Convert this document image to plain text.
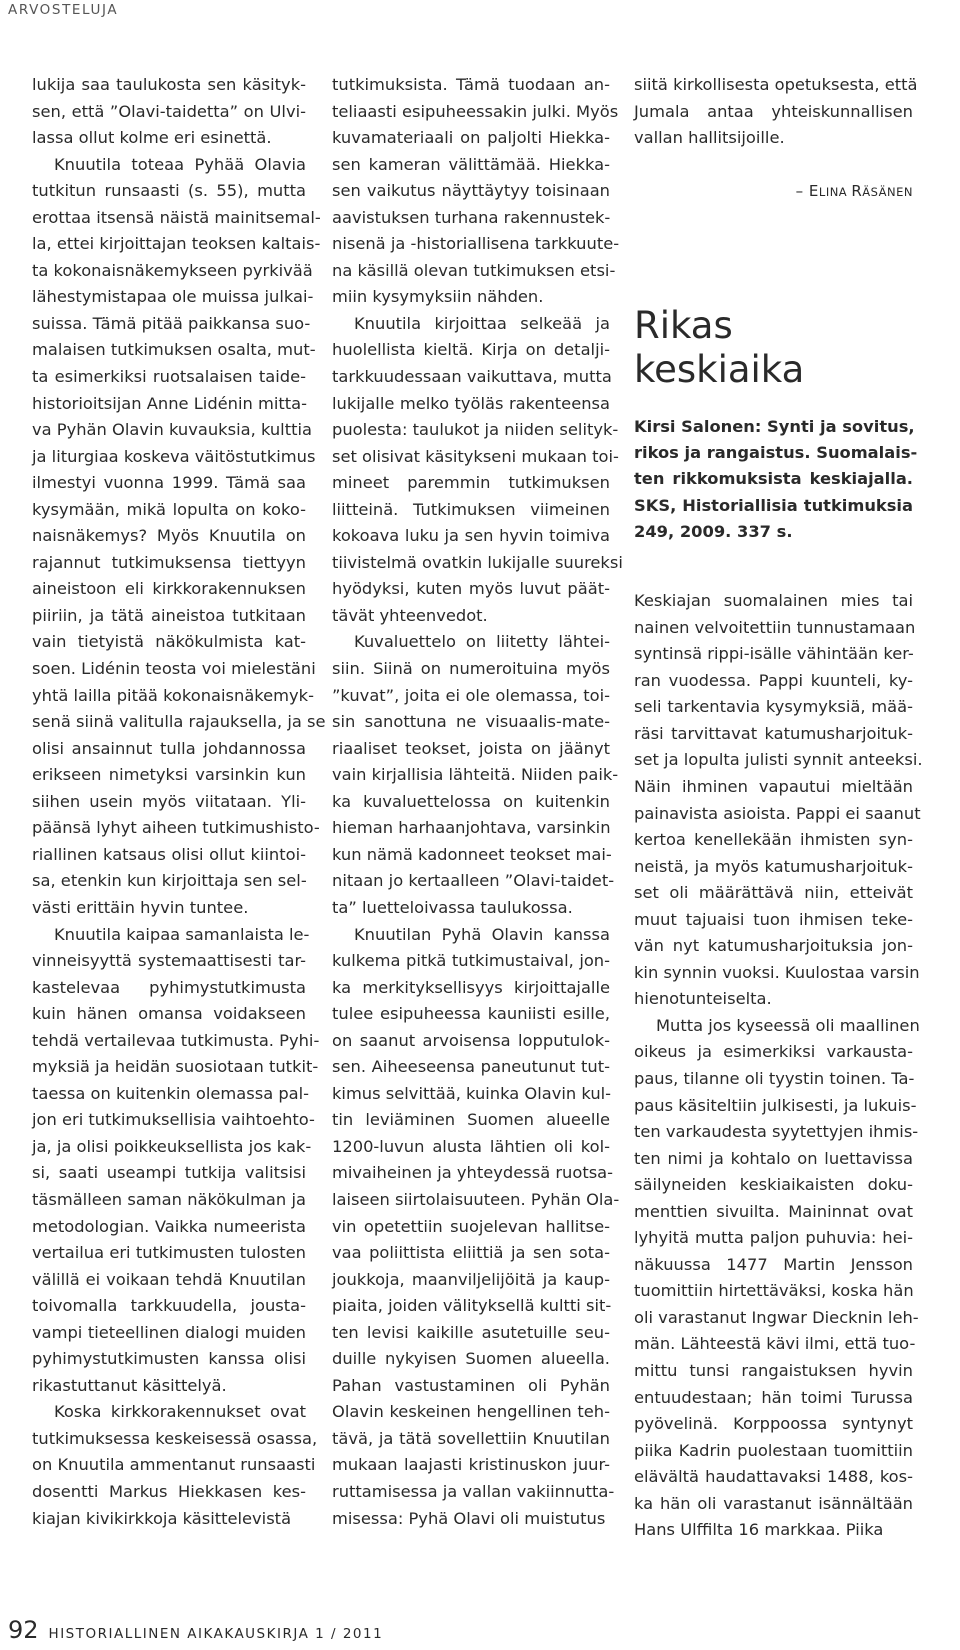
ARVOSTELUJA
lukija saa taulukosta sen käsityk-
sen, että ”Olavi-taidetta” on Ulvi-
lassa ollut kolme eri esinettä.
Knuutila toteaa Pyhää Olavia
tutkitun runsaasti (s. 55), mutta
erottaa itsensä näistä mainitsemal-
la, ettei kirjoittajan teoksen kaltais-
ta kokonaisnäkemykseen pyrkivää
lähestymistapaa ole muissa julkai-
suissa. Tämä pitää paikkansa suo-
malaisen tutkimuksen osalta, mut-
ta esimerkiksi ruotsalaisen taide-
historioitsijan Anne Lidénin mitta-
va Pyhän Olavin kuvauksia, kulttia
ja liturgiaa koskeva väitöstutkimus
ilmestyi vuonna 1999. Tämä saa
kysymään, mikä lopulta on koko-
naisnäkemys? Myös Knuutila on
rajannut tutkimuksensa tiettyyn
aineistoon eli kirkkorakennuksen
piiriin, ja tätä aineistoa tutkitaan
vain tietyistä näkökulmista kat-
soen. Lidénin teosta voi mielestäni
yhtä lailla pitää kokonaisnäkemyk-
senä siinä valitulla rajauksella, ja se
olisi ansainnut tulla johdannossa
erikseen nimetyksi varsinkin kun
siihen usein myös viitataan. Yli-
päänsä lyhyt aiheen tutkimushisto-
riallinen katsaus olisi ollut kiintoi-
sa, etenkin kun kirjoittaja sen sel-
västi erittäin hyvin tuntee.
Knuutila kaipaa samanlaista le-
vinneisyyttä systemaattisesti tar-
kastelevaa pyhimystutkimusta
kuin hänen omansa voidakseen
tehdä vertailevaa tutkimusta. Pyhi-
myksiä ja heidän suosiotaan tutkit-
taessa on kuitenkin olemassa pal-
jon eri tutkimuksellisia vaihtoehto-
ja, ja olisi poikkeuksellista jos kak-
si, saati useampi tutkija valitsisi
täsmälleen saman näkökulman ja
metodologian. Vaikka numeerista
vertailua eri tutkimusten tulosten
välillä ei voikaan tehdä Knuutilan
toivomalla tarkkuudella, jousta-
vampi tieteellinen dialogi muiden
pyhimystutkimusten kanssa olisi
rikastuttanut käsittelyä.
Koska kirkkorakennukset ovat
tutkimuksessa keskeisessä osassa,
on Knuutila ammentanut runsaasti
dosentti Markus Hiekkasen kes-
kiajan kivikirkkoja käsittelevistä
tutkimuksista. Tämä tuodaan an-
teliaasti esipuheessakin julki. Myös
kuvamateriaali on paljolti Hiekka-
sen kameran välittämää. Hiekka-
sen vaikutus näyttäytyy toisinaan
aavistuksen turhana rakennustek-
nisenä ja -historiallisena tarkkuute-
na käsillä olevan tutkimuksen etsi-
miin kysymyksiin nähden.
Knuutila kirjoittaa selkeää ja
huolellista kieltä. Kirja on detalji-
tarkkuudessaan vaikuttava, mutta
lukijalle melko työläs rakenteensa
puolesta: taulukot ja niiden selityk-
set olisivat käsitykseni mukaan toi-
mineet paremmin tutkimuksen
liitteinä. Tutkimuksen viimeinen
kokoava luku ja sen hyvin toimiva
tiivistelmä ovatkin lukijalle suureksi
hyödyksi, kuten myös luvut päät-
tävät yhteenvedot.
Kuvaluettelo on liitetty lähtei-
siin. Siinä on numeroituina myös
”kuvat”, joita ei ole olemassa, toi-
sin sanottuna ne visuaalis-mate-
riaaliset teokset, joista on jäänyt
vain kirjallisia lähteitä. Niiden paik-
ka kuvaluettelossa on kuitenkin
hieman harhaanjohtava, varsinkin
kun nämä kadonneet teokset mai-
nitaan jo kertaalleen ”Olavi-taidet-
ta” luetteloivassa taulukossa.
Knuutilan Pyhä Olavin kanssa
kulkema pitkä tutkimustaival, jon-
ka merkityksellisyys kirjoittajalle
tulee esipuheessa kauniisti esille,
on saanut arvoisensa lopputulok-
sen. Aiheeseensa paneutunut tut-
kimus selvittää, kuinka Olavin kul-
tin leviäminen Suomen alueelle
1200-luvun alusta lähtien oli kol-
mivaiheinen ja yhteydessä ruotsa-
laiseen siirtolaisuuteen. Pyhän Ola-
vin opetettiin suojelevan hallitse-
vaa poliittista eliittiä ja sen sota-
joukkoja, maanviljelijöitä ja kaup-
piaita, joiden välityksellä kultti sit-
ten levisi kaikille asutetuille seu-
duille nykyisen Suomen alueella.
Pahan vastustaminen oli Pyhän
Olavin keskeinen hengellinen teh-
tävä, ja tätä sovellettiin Knuutilan
mukaan laajasti kristinuskon juur-
ruttamisessa ja vallan vakiinnutta-
misessa: Pyhä Olavi oli muistutus
siitä kirkollisesta opetuksesta, että
Jumala antaa yhteiskunnallisen
vallan hallitsijoille.
– ELINA RÄSÄNEN
Rikas keskiaika
Kirsi Salonen: Synti ja sovitus,
rikos ja rangaistus. Suomalais-
ten rikkomuksista keskiajalla.
SKS, Historiallisia tutkimuksia
249, 2009. 337 s.
Keskiajan suomalainen mies tai
nainen velvoitettiin tunnustamaan
syntinsä rippi-isälle vähintään ker-
ran vuodessa. Pappi kuunteli, ky-
seli tarkentavia kysymyksiä, mää-
räsi tarvittavat katumusharjoituk-
set ja lopulta julisti synnit anteeksi.
Näin ihminen vapautui mieltään
painavista asioista. Pappi ei saanut
kertoa kenellekään ihmisten syn-
neistä, ja myös katumusharjoituk-
set oli määrättävä niin, etteivät
muut tajuaisi tuon ihmisen teke-
vän nyt katumusharjoituksia jon-
kin synnin vuoksi. Kuulostaa varsin
hienotunteiselta.
Mutta jos kyseessä oli maallinen
oikeus ja esimerkiksi varkausta-
paus, tilanne oli tyystin toinen. Ta-
paus käsiteltiin julkisesti, ja lukuis-
ten varkaudesta syytettyjen ihmis-
ten nimi ja kohtalo on luettavissa
säilyneiden keskiaikaisten doku-
menttien sivuilta. Maininnat ovat
lyhyitä mutta paljon puhuvia: hei-
näkuussa 1477 Martin Jensson
tuomittiin hirtettäväksi, koska hän
oli varastanut Ingwar Diecknin leh-
män. Lähteestä kävi ilmi, että tuo-
mittu tunsi rangaistuksen hyvin
entuudestaan; hän toimi Turussa
pyövelinä. Korppoossa syntynyt
piika Kadrin puolestaan tuomittiin
elävältä haudattavaksi 1488, kos-
ka hän oli varastanut isännältään
Hans Ulffilta 16 markkaa. Piika
92 HISTORIALLINEN AIKAKAUSKIRJA 1 / 2011
